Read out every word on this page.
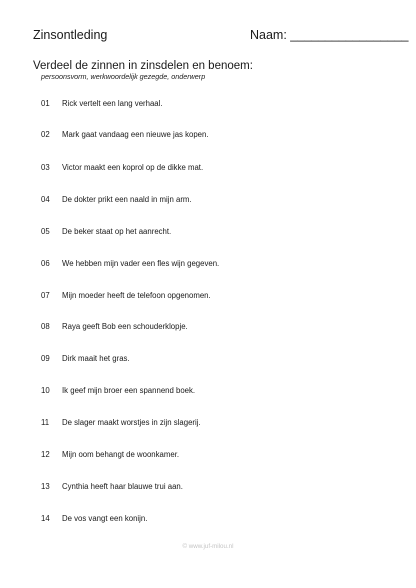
Zinsontleding	Naam: _________________
Verdeel de zinnen in zinsdelen en benoem:
persoonsvorm, werkwoordelijk gezegde, onderwerp
01 Rick vertelt een lang verhaal.
02 Mark gaat vandaag een nieuwe jas kopen.
03 Victor maakt een koprol op de dikke mat.
04 De dokter prikt een naald in mijn arm.
05 De beker staat op het aanrecht.
06 We hebben mijn vader een fles wijn gegeven.
07 Mijn moeder heeft de telefoon opgenomen.
08 Raya geeft Bob een schouderklopje.
09 Dirk maait het gras.
10 Ik geef mijn broer een spannend boek.
11 De slager maakt worstjes in zijn slagerij.
12 Mijn oom behangt de woonkamer.
13 Cynthia heeft haar blauwe trui aan.
14 De vos vangt een konijn.
© www.juf-milou.nl
